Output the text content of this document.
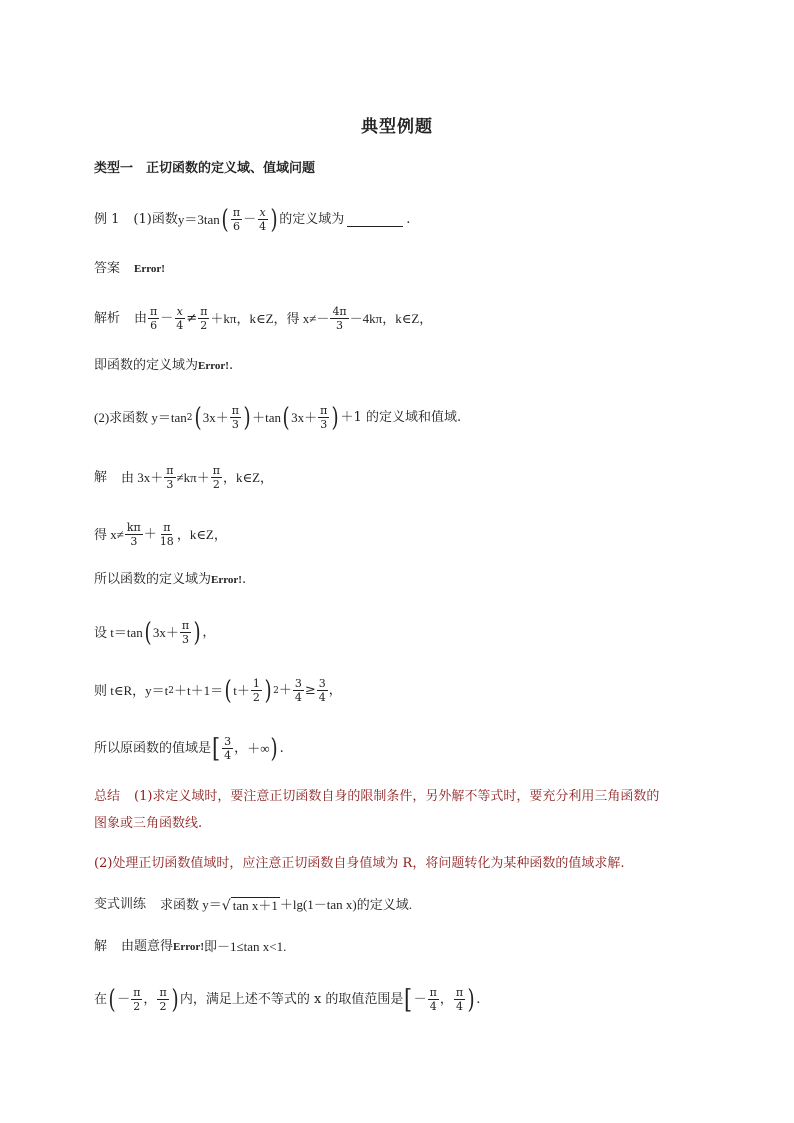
典型例题
类型一　正切函数的定义域、值域问题
例 1 (1)函数 y＝3tan ( $\frac{\pi}{6} - \frac{x}{4}$ ) 的定义域为	.
答案 Error!
解析 由 $\frac{\pi}{6} - \frac{x}{4} \ne \frac{\pi}{2} +k\pi$，k∈Z，得 $x\ne- \frac{4\pi}{3} -4k\pi$，k∈Z，
即函数的定义域为 Error! .
(2)求函数 y＝tan 2 ( $3x+ \frac{\pi}{3}$ ) ＋tan ( $3x+ \frac{\pi}{3}$ ) ＋1 的定义域和值域.
解 由 $3x+ \frac{\pi}{3} \ne k\pi+ \frac{\pi}{2}$ ，k∈Z，
得 $x\ne \frac{k\pi}{3} + \frac{\pi}{18}$ ，k∈Z，
所以函数的定义域为 Error! .
设 t＝tan ( $3x+ \frac{\pi}{3}$ ) ，
则 t∈R，y＝t 2 ＋t＋1＝ ( $t+ \frac{1}{2}$ ) $2 + \frac{3}{4} \ge \frac{3}{4}$ ，
所以原函数的值域是 [ $\frac{3}{4}$ ， ＋∞ ) .
总结 (1)求定义域时，要注意正切函数自身的限制条件，另外解不等式时，要充分利用三角函数的
图象或三角函数线.
(2)处理正切函数值域时，应注意正切函数自身值域为 R，将问题转化为某种函数的值域求解.
变式训练 求函数 y＝ √ tan x＋1 ＋lg(1－tan x)的定义域.
解 由题意得 Error! 即－1≤tan x<1.
在 ( － $\frac{\pi}{2}$ ， $\frac{\pi}{2}$ ) 内，满足上述不等式的 x 的取值范围是 [ － $\frac{\pi}{4}$ ， $\frac{\pi}{4}$ ) .
